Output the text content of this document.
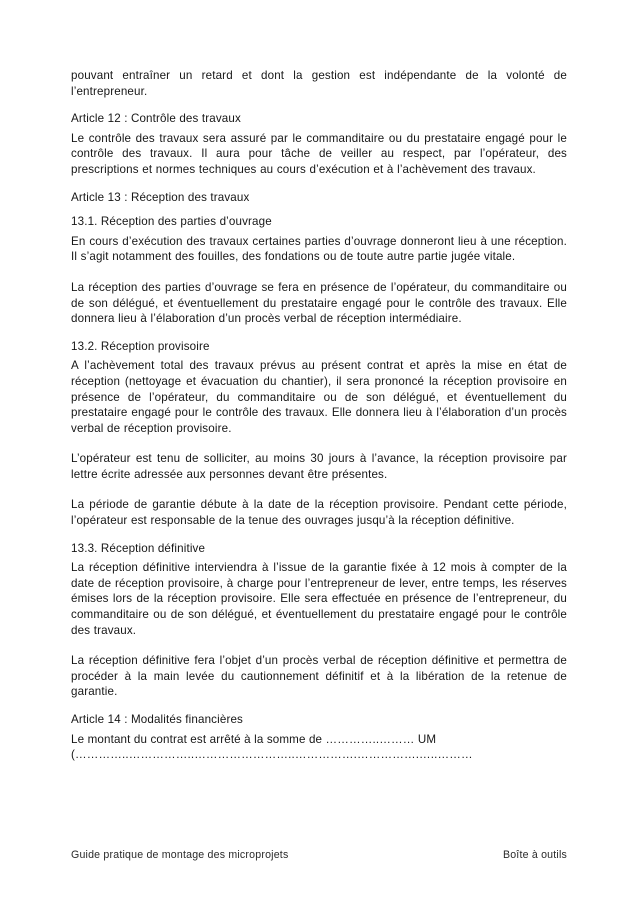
pouvant entraîner un retard et dont la gestion est indépendante de la volonté de l’entrepreneur.

Article 12 : Contrôle des travaux

Le contrôle des travaux sera assuré par le commanditaire ou du prestataire engagé pour le contrôle des travaux. Il aura pour tâche de veiller au respect, par l’opérateur, des prescriptions et normes techniques au cours d’exécution et à l’achèvement des travaux.

Article 13 : Réception des travaux

13.1. Réception des parties d’ouvrage

En cours d’exécution des travaux certaines parties d’ouvrage donneront lieu à une réception. Il s’agit notamment des fouilles, des fondations ou de toute autre partie jugée vitale.

La réception des parties d’ouvrage se fera en présence de l’opérateur, du commanditaire ou de son délégué, et éventuellement du prestataire engagé pour le contrôle des travaux. Elle donnera lieu à l’élaboration d’un procès verbal de réception intermédiaire.

13.2. Réception provisoire

A l’achèvement total des travaux prévus au présent contrat et après la mise en état de réception (nettoyage et évacuation du chantier), il sera prononcé la réception provisoire en présence de l’opérateur, du commanditaire ou de son délégué, et éventuellement du prestataire engagé pour le contrôle des travaux. Elle donnera lieu à l’élaboration d’un procès verbal de réception provisoire.

L’opérateur est tenu de solliciter, au moins 30 jours à l’avance, la réception provisoire par lettre écrite adressée aux personnes devant être présentes.

La période de garantie débute à la date de la réception provisoire. Pendant cette période, l’opérateur est responsable de la tenue des ouvrages jusqu’à la réception définitive.

13.3. Réception définitive

La réception définitive interviendra à l’issue de la garantie fixée à 12 mois à compter de la date de réception provisoire, à charge pour l’entrepreneur de lever, entre temps, les réserves émises lors de la réception provisoire. Elle sera effectuée en présence de l’entrepreneur, du commanditaire ou de son délégué, et éventuellement du prestataire engagé pour le contrôle des travaux.

La réception définitive fera l’objet d’un procès verbal de réception définitive et permettra de procéder à la main levée du cautionnement définitif et à la libération de la retenue de garantie.

Article 14 : Modalités financières

Le montant du contrat est arrêté à la somme de …………..……… UM

(…………..……………..……………………..…………….…………….…..………

Guide pratique de montage des microprojets	Boîte à outils
